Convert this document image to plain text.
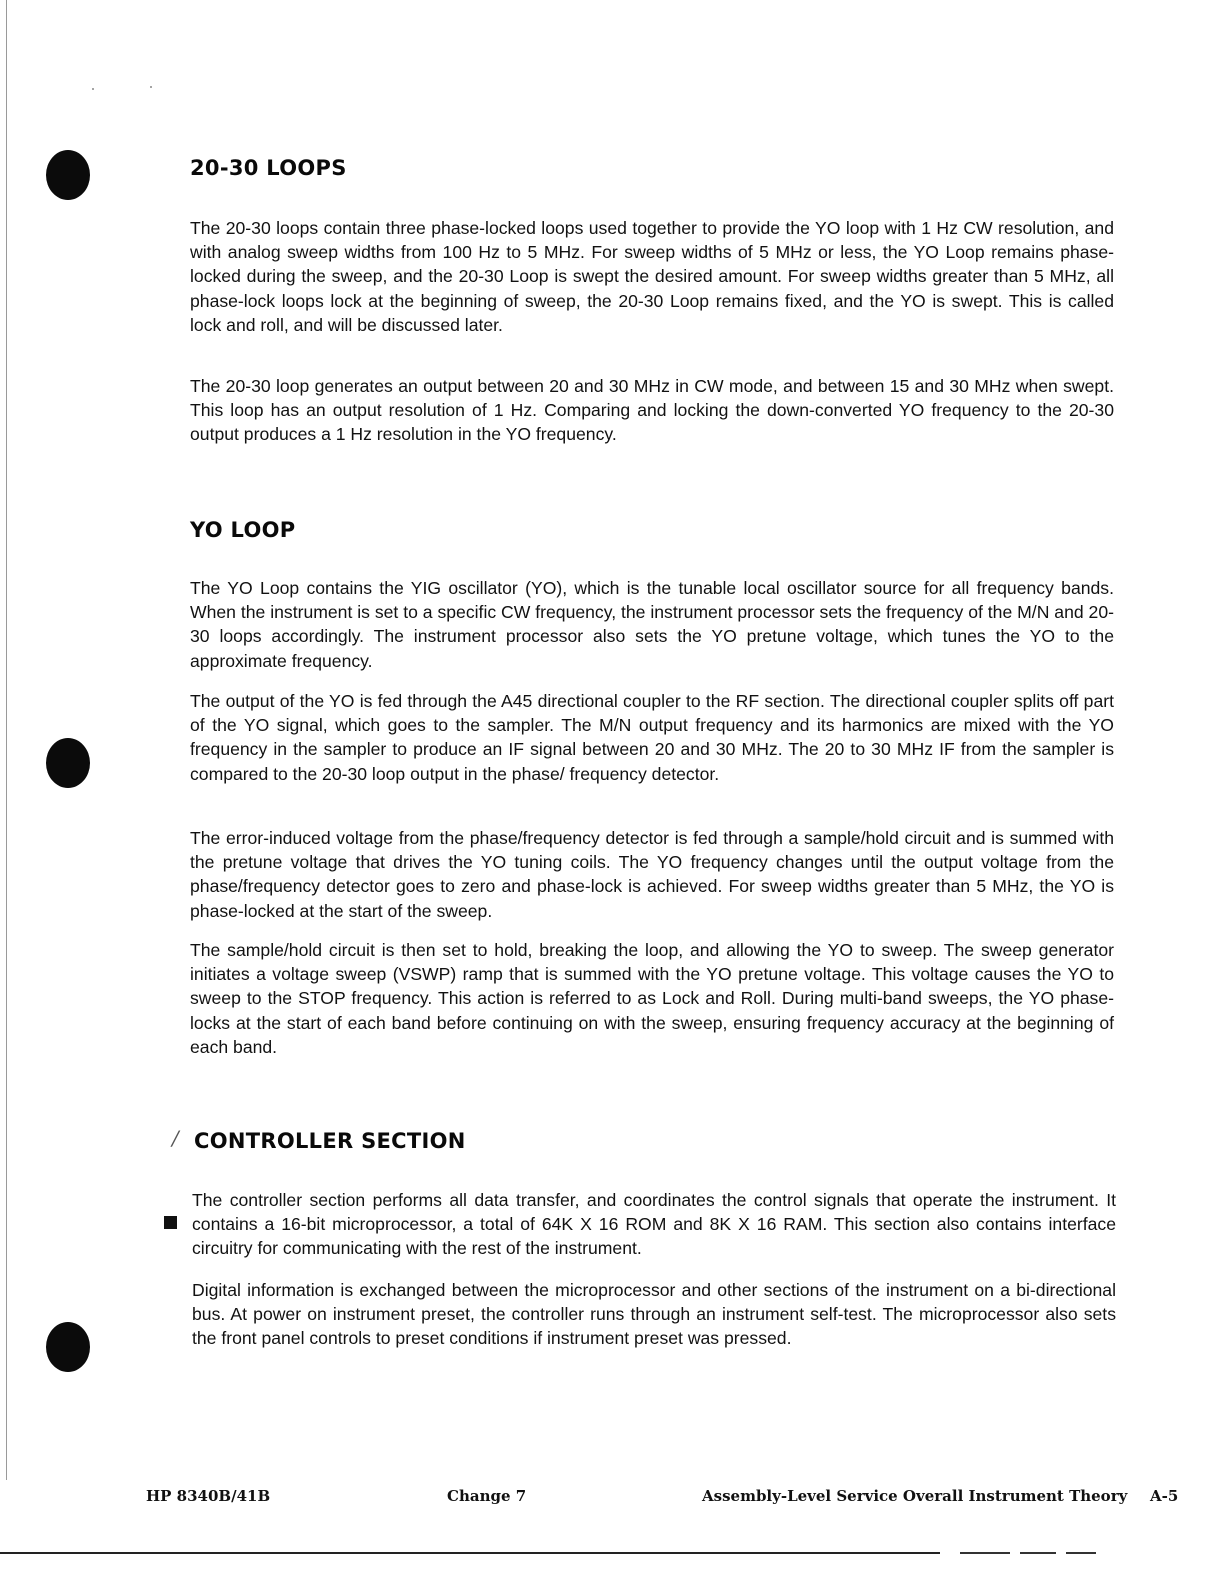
20-30 LOOPS

The 20-30 loops contain three phase-locked loops used together to provide the YO loop with 1 Hz CW resolution, and with analog sweep widths from 100 Hz to 5 MHz. For sweep widths of 5 MHz or less, the YO Loop remains phase-locked during the sweep, and the 20-30 Loop is swept the desired amount. For sweep widths greater than 5 MHz, all phase-lock loops lock at the beginning of sweep, the 20-30 Loop remains fixed, and the YO is swept. This is called lock and roll, and will be discussed later.

The 20-30 loop generates an output between 20 and 30 MHz in CW mode, and between 15 and 30 MHz when swept. This loop has an output resolution of 1 Hz. Comparing and locking the down-converted YO frequency to the 20-30 output produces a 1 Hz resolution in the YO frequency.

YO LOOP

The YO Loop contains the YIG oscillator (YO), which is the tunable local oscillator source for all frequency bands. When the instrument is set to a specific CW frequency, the instrument processor sets the frequency of the M/N and 20-30 loops accordingly. The instrument processor also sets the YO pretune voltage, which tunes the YO to the approximate frequency.

The output of the YO is fed through the A45 directional coupler to the RF section. The directional coupler splits off part of the YO signal, which goes to the sampler. The M/N output frequency and its harmonics are mixed with the YO frequency in the sampler to produce an IF signal between 20 and 30 MHz. The 20 to 30 MHz IF from the sampler is compared to the 20-30 loop output in the phase/ frequency detector.

The error-induced voltage from the phase/frequency detector is fed through a sample/hold circuit and is summed with the pretune voltage that drives the YO tuning coils. The YO frequency changes until the output voltage from the phase/frequency detector goes to zero and phase-lock is achieved. For sweep widths greater than 5 MHz, the YO is phase-locked at the start of the sweep.

The sample/hold circuit is then set to hold, breaking the loop, and allowing the YO to sweep. The sweep generator initiates a voltage sweep (VSWP) ramp that is summed with the YO pretune voltage. This voltage causes the YO to sweep to the STOP frequency. This action is referred to as Lock and Roll. During multi-band sweeps, the YO phase-locks at the start of each band before continuing on with the sweep, ensuring frequency accuracy at the beginning of each band.

/ CONTROLLER SECTION

The controller section performs all data transfer, and coordinates the control signals that operate the instrument. It contains a 16-bit microprocessor, a total of 64K X 16 ROM and 8K X 16 RAM. This section also contains interface circuitry for communicating with the rest of the instrument.

Digital information is exchanged between the microprocessor and other sections of the instrument on a bi-directional bus. At power on instrument preset, the controller runs through an instrument self-test. The microprocessor also sets the front panel controls to preset conditions if instrument preset was pressed.

HP 8340B/41B	Change 7	Assembly-Level Service Overall Instrument Theory A-5
